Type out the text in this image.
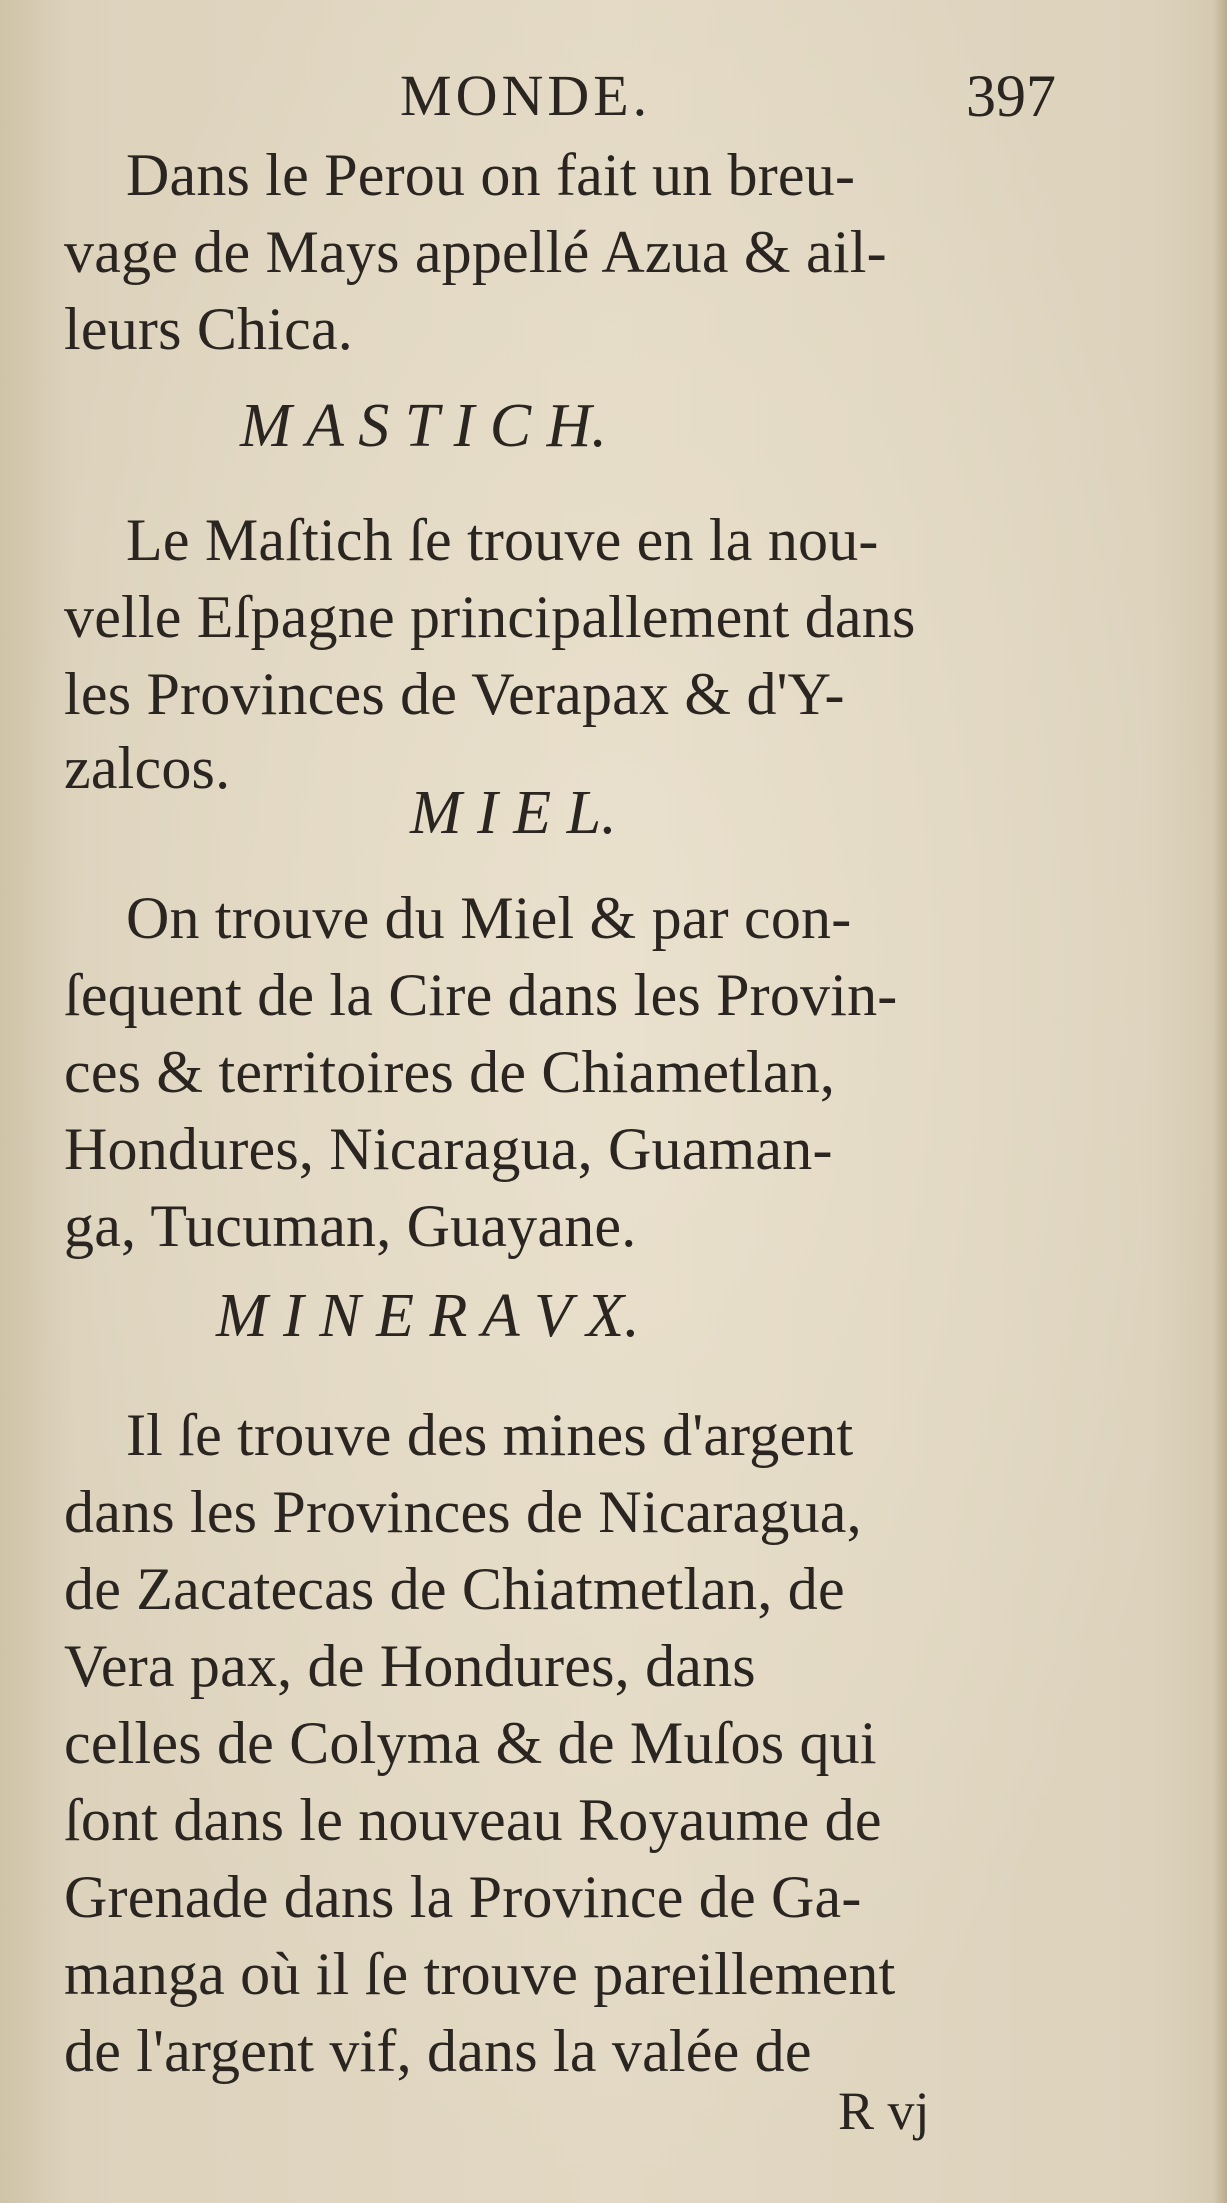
MONDE.	397

Dans le Perou on fait un breu-

vage de Mays appellé Azua & ail-

leurs Chica.

M A S T I C H.

Le Maſtich ſe trouve en la nou-

velle Eſpagne principallement dans

les Provinces de Verapax & d'Y-

zalcos.

M I E L.

On trouve du Miel & par con-

ſequent de la Cire dans les Provin-

ces & territoires de Chiametlan,

Hondures, Nicaragua, Guaman-

ga, Tucuman, Guayane.

M I N E R A V X.

Il ſe trouve des mines d'argent

dans les Provinces de Nicaragua,

de Zacatecas de Chiatmetlan, de

Vera pax, de Hondures, dans

celles de Colyma & de Muſos qui

ſont dans le nouveau Royaume de

Grenade dans la Province de Ga-

manga où il ſe trouve pareillement

de l'argent vif, dans la valée de

R vj
